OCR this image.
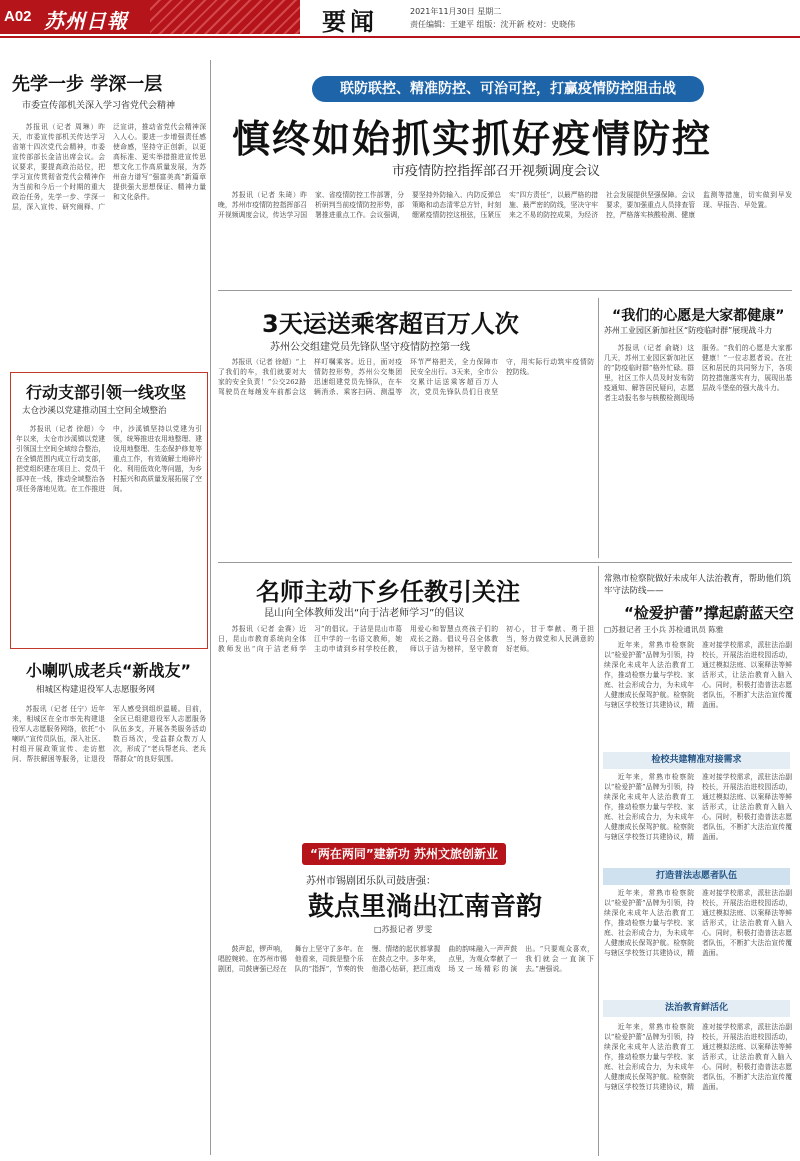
A02 苏州日報	要闻	2021年11月30日 星期二
责任编辑：王建平 组版：沈开新 校对：史晓伟
先学一步 学深一层
市委宣传部机关深入学习省党代会精神

苏报讯（记者 周琳）昨天，市委宣传部机关传达学习省第十四次党代会精神，市委宣传部部长金洁出席会议。会议要求，要提高政治站位，把学习宣传贯彻省党代会精神作为当前和今后一个时期的重大政治任务，先学一步、学深一层，深入宣传、研究阐释、广泛宣讲，推动省党代会精神深入人心。要进一步增强责任感使命感，坚持守正创新，以更高标准、更实举措推进宣传思想文化工作高质量发展，为苏州奋力谱写“强富美高”新篇章提供强大思想保证、精神力量和文化条件。

行动支部引领一线攻坚
太仓沙溪以党建推动国土空间全域整治

苏报讯（记者 徐超）今年以来，太仓市沙溪镇以党建引领国土空间全域综合整治，在全镇范围内成立行动支部，把党组织建在项目上、党员干部冲在一线，推动全域整治各项任务落地见效。在工作推进中，沙溪镇坚持以党建为引领，统筹推进农用地整理、建设用地整理、生态保护修复等重点工作，有效破解土地碎片化、利用低效化等问题，为乡村振兴和高质量发展拓展了空间。

小喇叭成老兵“新战友”
相城区构建退役军人志愿服务网

苏报讯（记者 任宁）近年来，相城区在全市率先构建退役军人志愿服务网络，依托“小喇叭”宣传员队伍，深入社区、村组开展政策宣传、走访慰问、帮扶解困等服务，让退役军人感受到组织温暖。目前，全区已组建退役军人志愿服务队伍多支，开展各类服务活动数百场次，受益群众数万人次，形成了“老兵帮老兵、老兵帮群众”的良好氛围。

联防联控、精准防控、可治可控，打赢疫情防控阻击战
慎终如始抓实抓好疫情防控
市疫情防控指挥部召开视频调度会议

苏报讯（记者 朱琦）昨晚，苏州市疫情防控指挥部召开视频调度会议，传达学习国家、省疫情防控工作部署，分析研判当前疫情防控形势，部署推进重点工作。会议强调，要坚持外防输入、内防反弹总策略和动态清零总方针，时刻绷紧疫情防控这根弦，压紧压实“四方责任”，以最严格的措施、最严密的防线，坚决守牢来之不易的防控成果，为经济社会发展提供坚强保障。会议要求，要加强重点人员排查管控，严格落实核酸检测、健康监测等措施，切实做到早发现、早报告、早处置。

3天运送乘客超百万人次
苏州公交组建党员先锋队坚守疫情防控第一线

苏报讯（记者 徐超）“上了我们的车，我们就要对大家的安全负责！”公交262路驾驶员在每趟发车前都会这样叮嘱乘客。近日，面对疫情防控形势，苏州公交集团迅速组建党员先锋队，在车辆消杀、乘客扫码、测温等环节严格把关，全力保障市民安全出行。3天来，全市公交累计运送乘客超百万人次，党员先锋队员们日夜坚守，用实际行动筑牢疫情防控防线。

“我们的心愿是大家都健康”
苏州工业园区新加社区“防疫临时群”展现战斗力

苏报讯（记者 俞晓）这几天，苏州工业园区新加社区的“防疫临时群”格外忙碌。群里，社区工作人员及时发布防疫通知、解答居民疑问，志愿者主动报名参与核酸检测现场服务。“我们的心愿是大家都健康！”一位志愿者说。在社区和居民的共同努力下，各项防控措施落实有力，展现出基层战斗堡垒的强大战斗力。

名师主动下乡任教引关注
昆山向全体教师发出“向于洁老师学习”的倡议

苏报讯（记者 金赛）近日，昆山市教育系统向全体教师发出“向于洁老师学习”的倡议。于洁是昆山市葛江中学的一名语文教师，她主动申请到乡村学校任教，用爱心和智慧点亮孩子们的成长之路。倡议号召全体教师以于洁为榜样，坚守教育初心，甘于奉献、勇于担当，努力做党和人民满意的好老师。

“两在两同”建新功 苏州文旅创新业
苏州市锡剧团乐队司鼓唐强：
鼓点里淌出江南音韵
□苏报记者 罗雯

鼓声起，锣声响，唱腔婉转。在苏州市锡剧团，司鼓唐强已经在舞台上坚守了多年。在他看来，司鼓是整个乐队的“指挥”，节奏的快慢、情绪的起伏都掌握在鼓点之中。多年来，他潜心钻研，把江南戏曲的韵味融入一声声鼓点里，为观众奉献了一场又一场精彩的演出。“只要观众喜欢，我们就会一直演下去。”唐强说。

常熟市检察院做好未成年人法治教育，帮助他们筑牢守法防线——
“检爱护蕾”撑起蔚蓝天空
□苏报记者 王小兵 苏检通讯员 陈雅
检校共建精准对接需求
法治教育鲜活化
打造普法志愿者队伍

近年来，常熟市检察院以“检爱护蕾”品牌为引领，持续深化未成年人法治教育工作，推动检察力量与学校、家庭、社会形成合力，为未成年人健康成长保驾护航。检察院与辖区学校签订共建协议，精准对接学校需求，派驻法治副校长，开展法治进校园活动，通过模拟法庭、以案释法等鲜活形式，让法治教育入脑入心。同时，积极打造普法志愿者队伍，不断扩大法治宣传覆盖面。

近年来，常熟市检察院以“检爱护蕾”品牌为引领，持续深化未成年人法治教育工作，推动检察力量与学校、家庭、社会形成合力，为未成年人健康成长保驾护航。检察院与辖区学校签订共建协议，精准对接学校需求，派驻法治副校长，开展法治进校园活动，通过模拟法庭、以案释法等鲜活形式，让法治教育入脑入心。同时，积极打造普法志愿者队伍，不断扩大法治宣传覆盖面。

近年来，常熟市检察院以“检爱护蕾”品牌为引领，持续深化未成年人法治教育工作，推动检察力量与学校、家庭、社会形成合力，为未成年人健康成长保驾护航。检察院与辖区学校签订共建协议，精准对接学校需求，派驻法治副校长，开展法治进校园活动，通过模拟法庭、以案释法等鲜活形式，让法治教育入脑入心。同时，积极打造普法志愿者队伍，不断扩大法治宣传覆盖面。

近年来，常熟市检察院以“检爱护蕾”品牌为引领，持续深化未成年人法治教育工作，推动检察力量与学校、家庭、社会形成合力，为未成年人健康成长保驾护航。检察院与辖区学校签订共建协议，精准对接学校需求，派驻法治副校长，开展法治进校园活动，通过模拟法庭、以案释法等鲜活形式，让法治教育入脑入心。同时，积极打造普法志愿者队伍，不断扩大法治宣传覆盖面。
